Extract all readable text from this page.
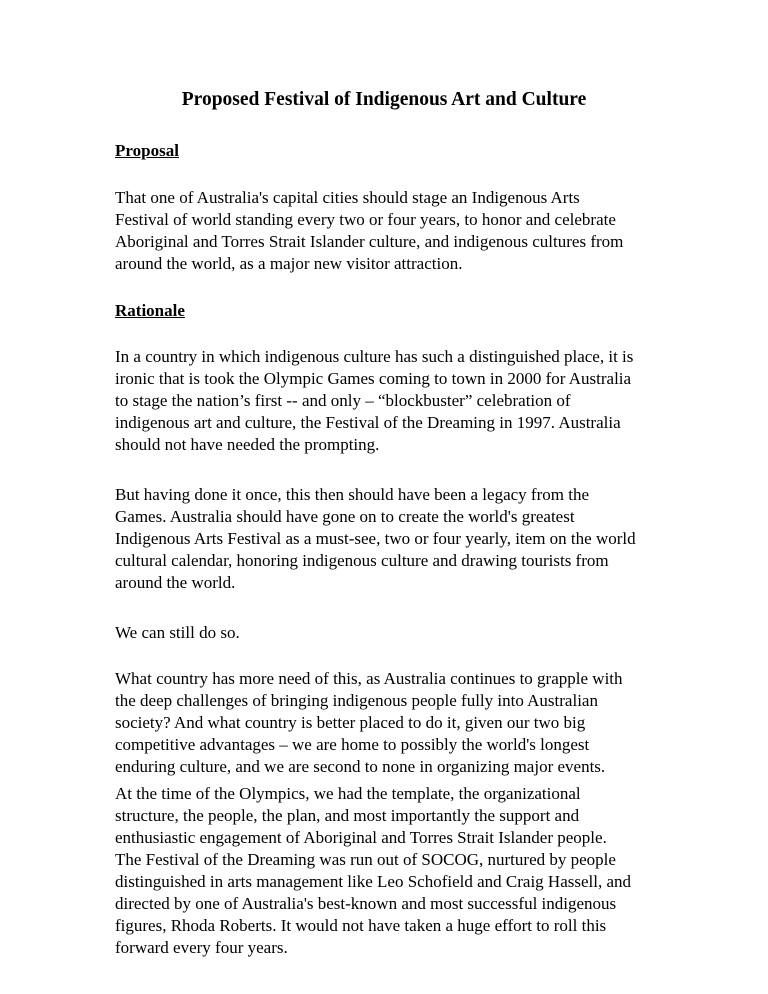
Proposed Festival of Indigenous Art and Culture
Proposal

That one of Australia's capital cities should stage an Indigenous Arts
Festival of world standing every two or four years, to honor and celebrate
Aboriginal and Torres Strait Islander culture, and indigenous cultures from
around the world, as a major new visitor attraction.

Rationale

In a country in which indigenous culture has such a distinguished place, it is
ironic that is took the Olympic Games coming to town in 2000 for Australia
to stage the nation’s first -- and only – “blockbuster” celebration of
indigenous art and culture, the Festival of the Dreaming in 1997. Australia
should not have needed the prompting.

But having done it once, this then should have been a legacy from the
Games. Australia should have gone on to create the world's greatest
Indigenous Arts Festival as a must-see, two or four yearly, item on the world
cultural calendar, honoring indigenous culture and drawing tourists from
around the world.

We can still do so.

What country has more need of this, as Australia continues to grapple with
the deep challenges of bringing indigenous people fully into Australian
society? And what country is better placed to do it, given our two big
competitive advantages – we are home to possibly the world's longest
enduring culture, and we are second to none in organizing major events.

At the time of the Olympics, we had the template, the organizational
structure, the people, the plan, and most importantly the support and
enthusiastic engagement of Aboriginal and Torres Strait Islander people.
The Festival of the Dreaming was run out of SOCOG, nurtured by people
distinguished in arts management like Leo Schofield and Craig Hassell, and
directed by one of Australia's best-known and most successful indigenous
figures, Rhoda Roberts. It would not have taken a huge effort to roll this
forward every four years.
